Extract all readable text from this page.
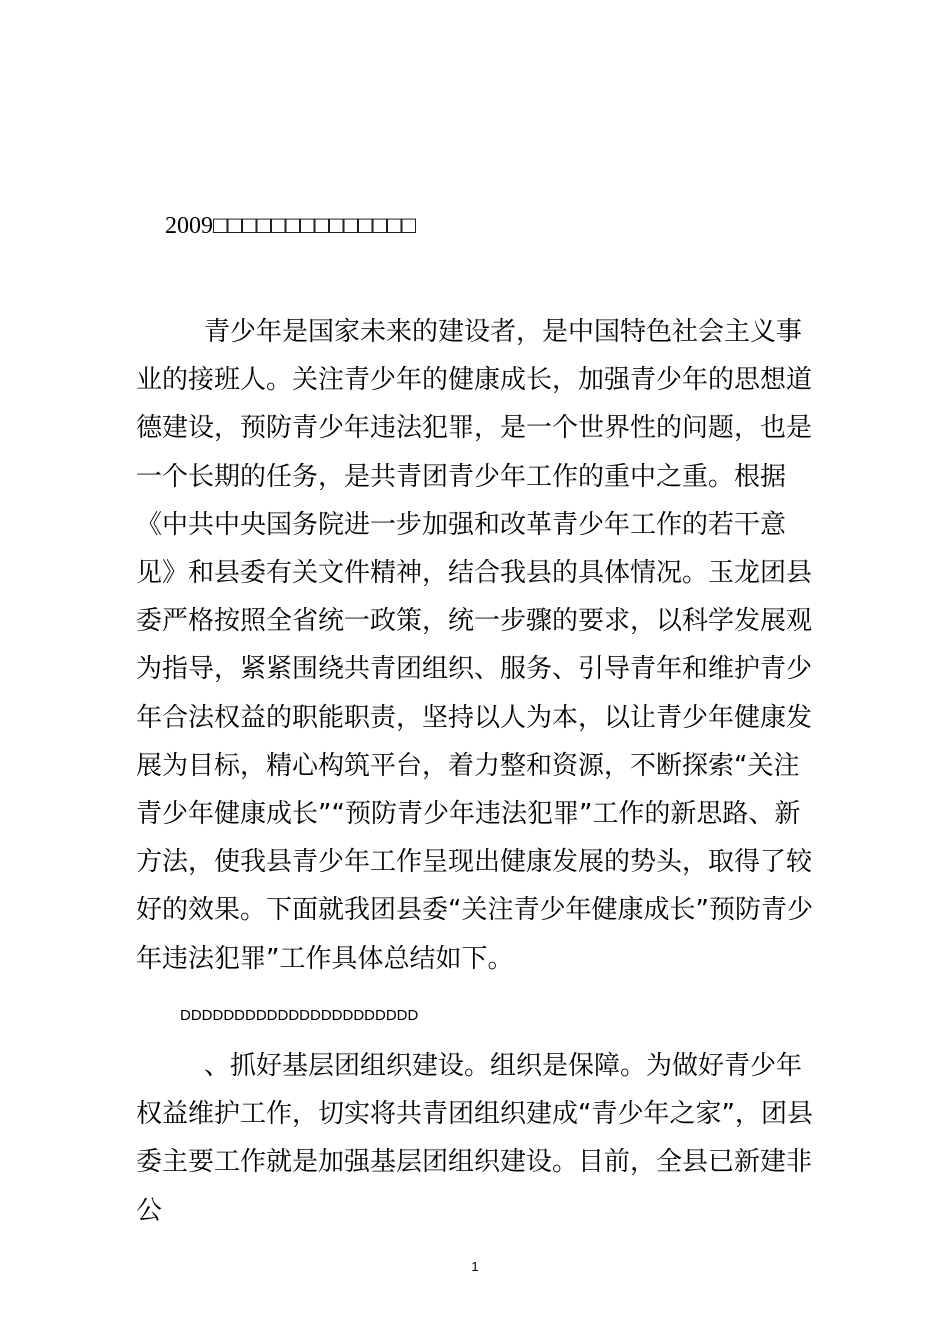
2009□□□□□□□□□□□□□□

青少年是国家未来的建设者，是中国特色社会主义事业的接班人。关注青少年的健康成长，加强青少年的思想道德建设，预防青少年违法犯罪，是一个世界性的问题，也是一个长期的任务，是共青团青少年工作的重中之重。根据《中共中央国务院进一步加强和改革青少年工作的若干意见》和县委有关文件精神，结合我县的具体情况。玉龙团县委严格按照全省统一政策，统一步骤的要求，以科学发展观为指导，紧紧围绕共青团组织、服务、引导青年和维护青少年合法权益的职能职责，坚持以人为本，以让青少年健康发展为目标，精心构筑平台，着力整和资源，不断探索“关注青少年健康成长”“预防青少年违法犯罪”工作的新思路、新方法，使我县青少年工作呈现出健康发展的势头，取得了较好的效果。下面就我团县委“关注青少年健康成长”预防青少年违法犯罪”工作具体总结如下。

DDDDDDDDDDDDDDDDDDDDDD

、抓好基层团组织建设。组织是保障。为做好青少年权益维护工作，切实将共青团组织建成“青少年之家”，团县委主要工作就是加强基层团组织建设。目前，全县已新建非公

1
